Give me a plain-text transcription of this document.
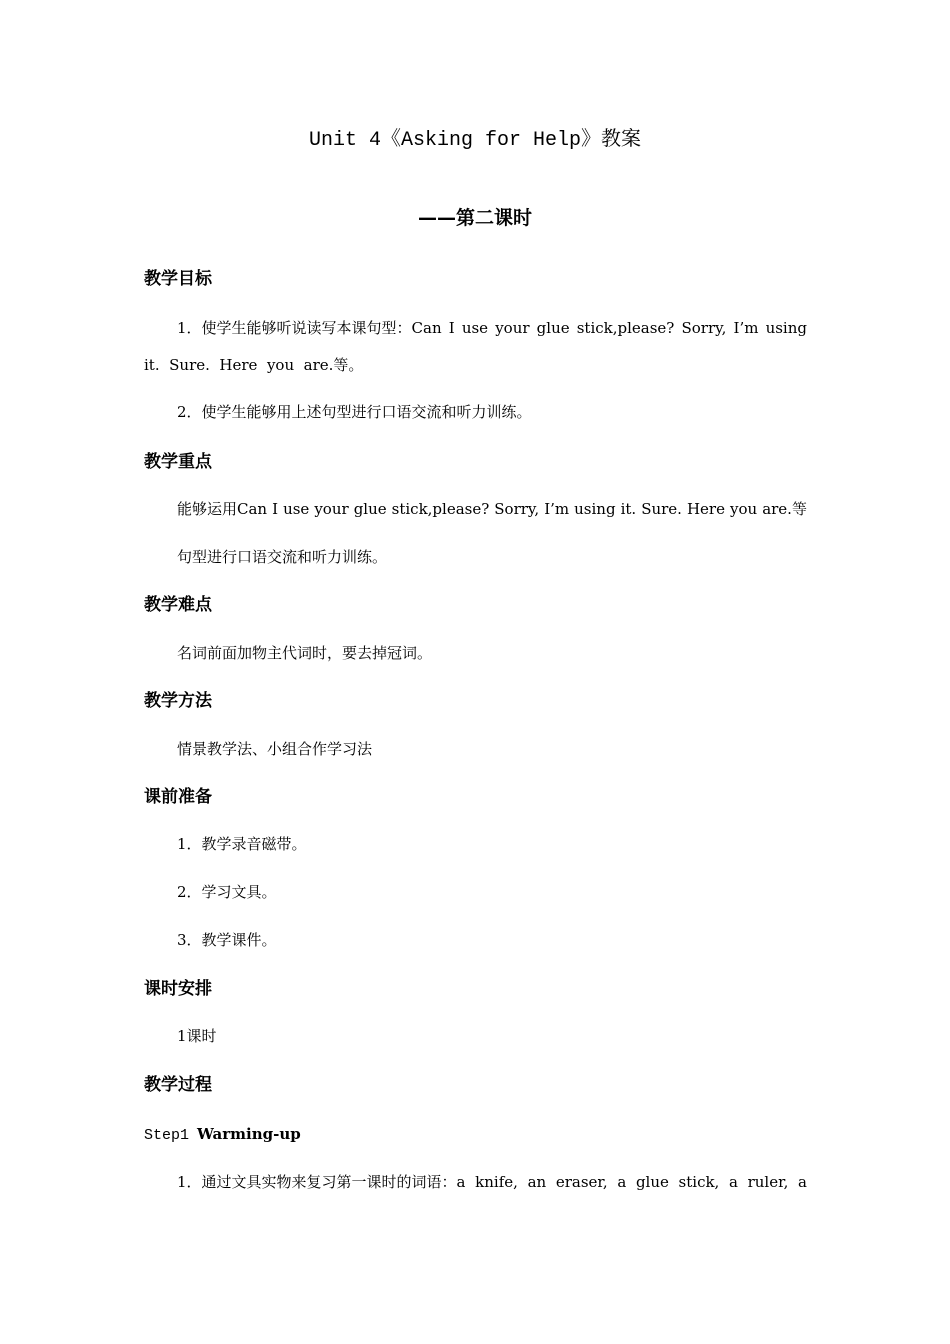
Unit 4《Asking for Help》教案
——第二课时
教学目标
1．使学生能够听说读写本课句型：Can I use your glue stick,please? Sorry, I’m using
it.  Sure.  Here  you  are.等。
2．使学生能够用上述句型进行口语交流和听力训练。
教学重点
能够运用Can I use your glue stick,please? Sorry, I’m using it. Sure. Here you are.等
句型进行口语交流和听力训练。
教学难点
名词前面加物主代词时，要去掉冠词。
教学方法
情景教学法、小组合作学习法
课前准备
1．教学录音磁带。
2．学习文具。
3．教学课件。
课时安排
1课时
教学过程
Step1 Warming-up
1．通过文具实物来复习第一课时的词语：a knife, an eraser, a glue stick, a ruler, a
